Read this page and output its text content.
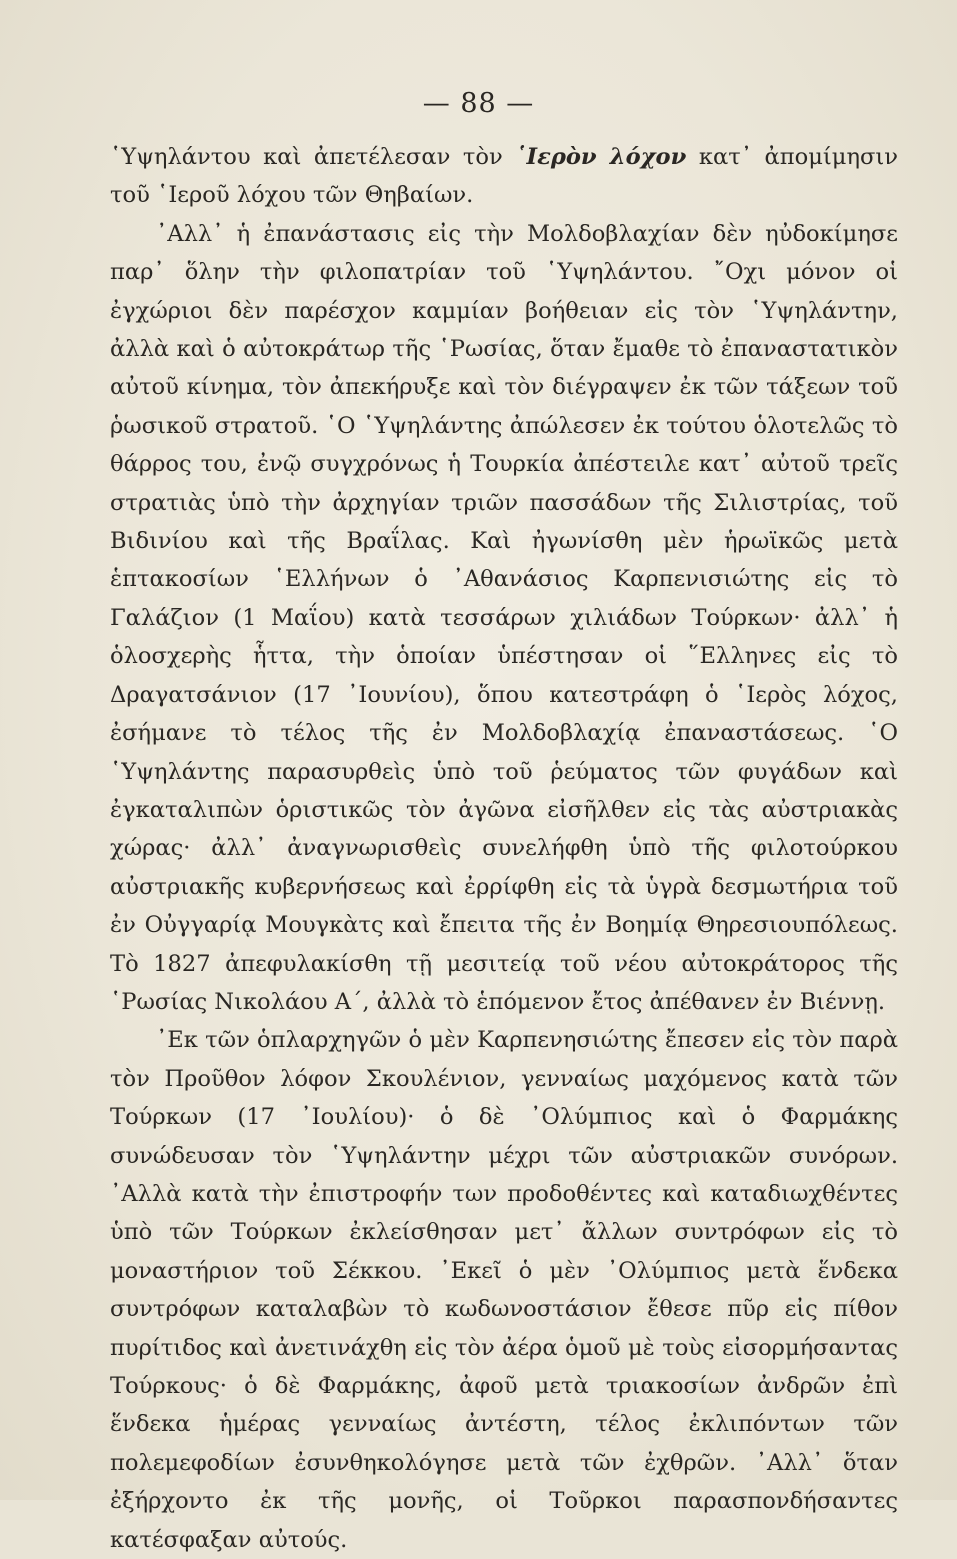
— 88 —

῾Υψηλάντου καὶ ἀπετέλεσαν τὸν ῾Ιερὸν λόχον κατ᾽ ἀπομίμησιν τοῦ ῾Ιεροῦ λόχου τῶν Θηβαίων.

᾽Αλλ᾽ ἡ ἐπανάστασις εἰς τὴν Μολδοβλαχίαν δὲν ηὐδοκίμησε παρ᾽ ὅλην τὴν φιλοπατρίαν τοῦ ῾Υψηλάντου. ῎Οχι μόνον οἱ ἐγχώριοι δὲν παρέσχον καμμίαν βοήθειαν εἰς τὸν ῾Υψηλάντην, ἀλλὰ καὶ ὁ αὐτοκράτωρ τῆς ῾Ρωσίας, ὅταν ἔμαθε τὸ ἐπαναστατικὸν αὐτοῦ κίνημα, τὸν ἀπεκήρυξε καὶ τὸν διέγραψεν ἐκ τῶν τάξεων τοῦ ῥωσικοῦ στρατοῦ. ῾Ο ῾Υψηλάντης ἀπώλεσεν ἐκ τούτου ὁλοτελῶς τὸ θάρρος του, ἐνῷ συγχρόνως ἡ Τουρκία ἀπέστειλε κατ᾽ αὐτοῦ τρεῖς στρατιὰς ὑπὸ τὴν ἀρχηγίαν τριῶν πασσάδων τῆς Σιλιστρίας, τοῦ Βιδινίου καὶ τῆς Βραΐλας. Καὶ ἠγωνίσθη μὲν ἡρωϊκῶς μετὰ ἑπτακοσίων ῾Ελλήνων ὁ ᾽Αθανάσιος Καρπενισιώτης εἰς τὸ Γαλάζιον (1 Μαΐου) κατὰ τεσσάρων χιλιάδων Τούρκων· ἀλλ᾽ ἡ ὁλοσχερὴς ἧττα, τὴν ὁποίαν ὑπέστησαν οἱ ῞Ελληνες εἰς τὸ Δραγατσάνιον (17 ᾽Ιουνίου), ὅπου κατεστράφη ὁ ῾Ιερὸς λόχος, ἐσήμανε τὸ τέλος τῆς ἐν Μολδοβλαχίᾳ ἐπαναστάσεως. ῾Ο ῾Υψηλάντης παρασυρθεὶς ὑπὸ τοῦ ῥεύματος τῶν φυγάδων καὶ ἐγκαταλιπὼν ὁριστικῶς τὸν ἀγῶνα εἰσῆλθεν εἰς τὰς αὐστριακὰς χώρας· ἀλλ᾽ ἀναγνωρισθεὶς συνελήφθη ὑπὸ τῆς φιλοτούρκου αὐστριακῆς κυβερνήσεως καὶ ἐρρίφθη εἰς τὰ ὑγρὰ δεσμωτήρια τοῦ ἐν Οὐγγαρίᾳ Μουγκὰτς καὶ ἔπειτα τῆς ἐν Βοημίᾳ Θηρεσιουπόλεως. Τὸ 1827 ἀπεφυλακίσθη τῇ μεσιτείᾳ τοῦ νέου αὐτοκράτορος τῆς ῾Ρωσίας Νικολάου Α΄, ἀλλὰ τὸ ἑπόμενον ἔτος ἀπέθανεν ἐν Βιέννῃ.

᾽Εκ τῶν ὁπλαρχηγῶν ὁ μὲν Καρπενησιώτης ἔπεσεν εἰς τὸν παρὰ τὸν Προῦθον λόφον Σκουλένιον, γενναίως μαχόμενος κατὰ τῶν Τούρκων (17 ᾽Ιουλίου)· ὁ δὲ ᾽Ολύμπιος καὶ ὁ Φαρμάκης συνώδευσαν τὸν ῾Υψηλάντην μέχρι τῶν αὐστριακῶν συνόρων. ᾽Αλλὰ κατὰ τὴν ἐπιστροφήν των προδοθέντες καὶ καταδιωχθέντες ὑπὸ τῶν Τούρκων ἐκλείσθησαν μετ᾽ ἄλλων συντρόφων εἰς τὸ μοναστήριον τοῦ Σέκκου. ᾽Εκεῖ ὁ μὲν ᾽Ολύμπιος μετὰ ἕνδεκα συντρόφων καταλαβὼν τὸ κωδωνοστάσιον ἔθεσε πῦρ εἰς πίθον πυρίτιδος καὶ ἀνετινάχθη εἰς τὸν ἀέρα ὁμοῦ μὲ τοὺς εἰσορμήσαντας Τούρκους· ὁ δὲ Φαρμάκης, ἀφοῦ μετὰ τριακοσίων ἀνδρῶν ἐπὶ ἕνδεκα ἡμέρας γενναίως ἀντέστη, τέλος ἐκλιπόντων τῶν πολεμεφοδίων ἐσυνθηκολόγησε μετὰ τῶν ἐχθρῶν. ᾽Αλλ᾽ ὅταν ἐξήρχοντο ἐκ τῆς μονῆς, οἱ Τοῦρκοι παρασπονδήσαντες κατέσφαξαν αὐτούς.
